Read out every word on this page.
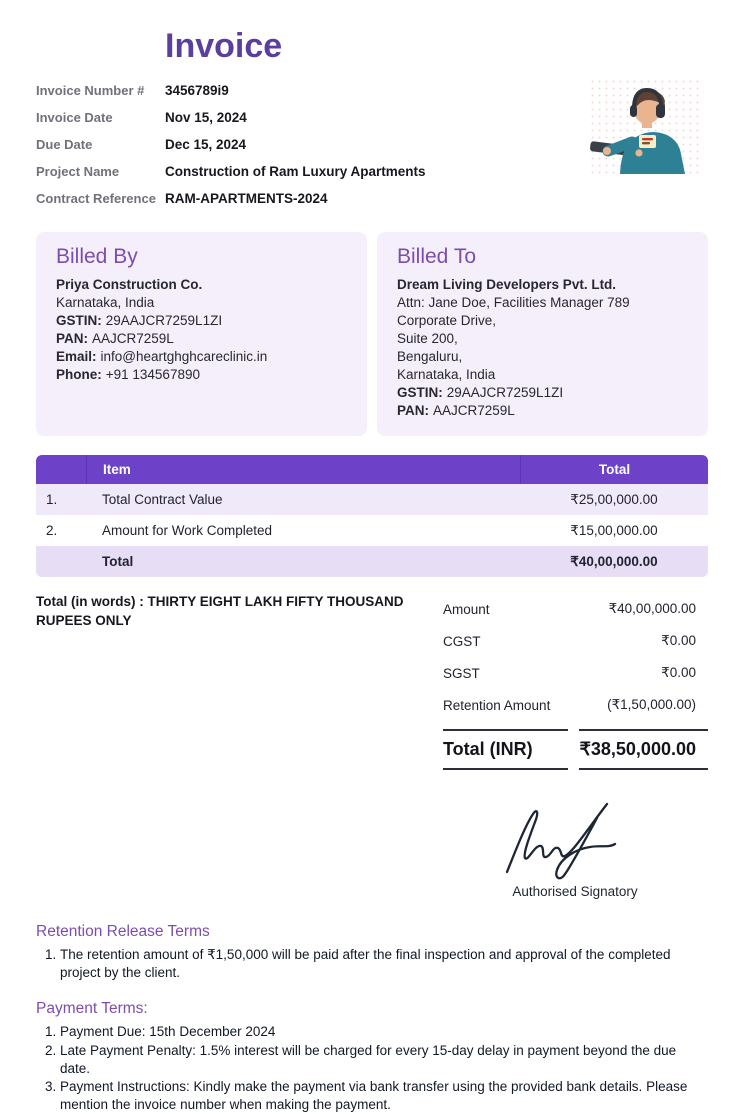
Invoice
Invoice Number #	3456789i9
Invoice Date	Nov 15, 2024
Due Date	Dec 15, 2024
Project Name	Construction of Ram Luxury Apartments
Contract Reference RAM-APARTMENTS-2024
Billed By
Priya Construction Co.
Karnataka, India
GSTIN: 29AAJCR7259L1ZI
PAN: AAJCR7259L
Email: info@heartghghcareclinic.in
Phone: +91 134567890
Billed To
Dream Living Developers Pvt. Ltd.
Attn: Jane Doe, Facilities Manager 789 Corporate Drive,
Suite 200,
Bengaluru,
Karnataka, India
GSTIN: 29AAJCR7259L1ZI
PAN: AAJCR7259L
	Item	Total
1.	Total Contract Value	₹25,00,000.00
2.	Amount for Work Completed	₹15,00,000.00
	Total	₹40,00,000.00
Total (in words) : THIRTY EIGHT LAKH FIFTY THOUSAND RUPEES ONLY
Amount	₹40,00,000.00
CGST	₹0.00
SGST	₹0.00
Retention Amount	(₹1,50,000.00)
Total (INR)	₹38,50,000.00
Authorised Signatory
Retention Release Terms
1. The retention amount of ₹1,50,000 will be paid after the final inspection and approval of the completed project by the client.
Payment Terms:
1. Payment Due: 15th December 2024
2. Late Payment Penalty: 1.5% interest will be charged for every 15-day delay in payment beyond the due date.
3. Payment Instructions: Kindly make the payment via bank transfer using the provided bank details. Please mention the invoice number when making the payment.
